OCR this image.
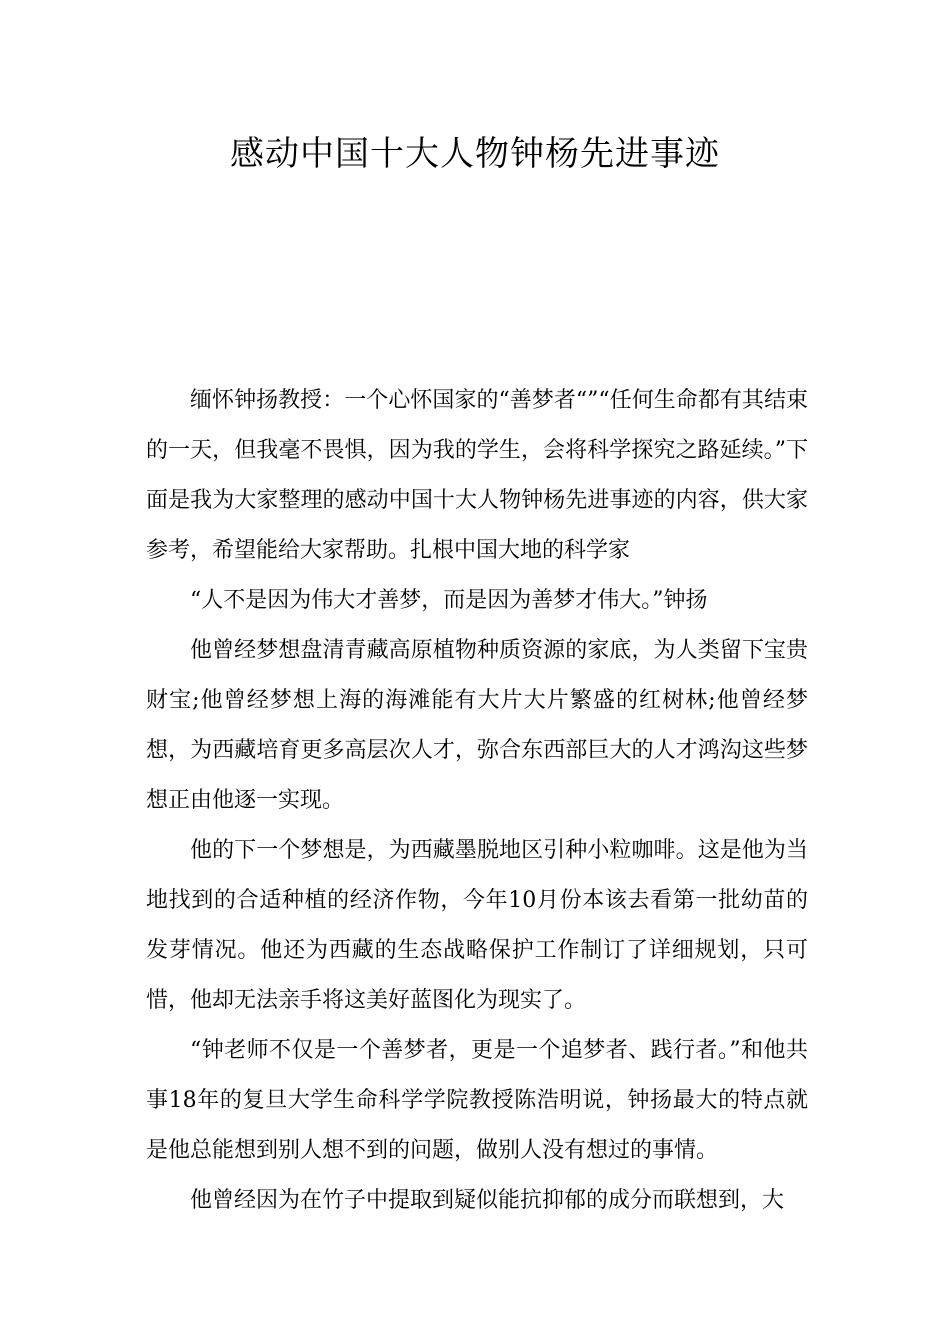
感动中国十大人物钟杨先进事迹

缅怀钟扬教授：一个心怀国家的“善梦者“”“任何生命都有其结束的一天，但我毫不畏惧，因为我的学生，会将科学探究之路延续。”下面是我为大家整理的感动中国十大人物钟杨先进事迹的内容，供大家参考，希望能给大家帮助。扎根中国大地的科学家

“人不是因为伟大才善梦，而是因为善梦才伟大。”钟扬

他曾经梦想盘清青藏高原植物种质资源的家底，为人类留下宝贵财宝;他曾经梦想上海的海滩能有大片大片繁盛的红树林;他曾经梦想，为西藏培育更多高层次人才，弥合东西部巨大的人才鸿沟这些梦想正由他逐一实现。

他的下一个梦想是，为西藏墨脱地区引种小粒咖啡。这是他为当地找到的合适种植的经济作物，今年10月份本该去看第一批幼苗的发芽情况。他还为西藏的生态战略保护工作制订了详细规划，只可惜，他却无法亲手将这美好蓝图化为现实了。

“钟老师不仅是一个善梦者，更是一个追梦者、践行者。”和他共事18年的复旦大学生命科学学院教授陈浩明说，钟扬最大的特点就是他总能想到别人想不到的问题，做别人没有想过的事情。

他曾经因为在竹子中提取到疑似能抗抑郁的成分而联想到，大
